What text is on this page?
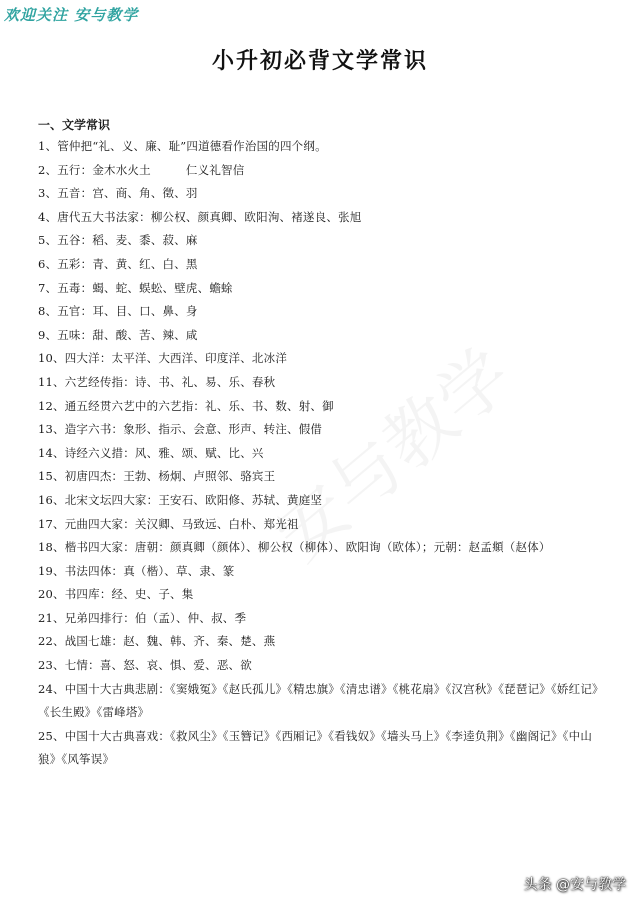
欢迎关注 安与教学
小升初必背文学常识
一、文学常识
1、管仲把“礼、义、廉、耻”四道德看作治国的四个纲。
2、五行：金木水火土　　　仁义礼智信
3、五音：宫、商、角、徵、羽
4、唐代五大书法家：柳公权、颜真卿、欧阳洵、褚遂良、张旭
5、五谷：稻、麦、黍、菽、麻
6、五彩：青、黄、红、白、黑
7、五毒：蝎、蛇、蜈蚣、壁虎、蟾蜍
8、五官：耳、目、口、鼻、身
9、五味：甜、酸、苦、辣、咸
10、四大洋：太平洋、大西洋、印度洋、北冰洋
11、六艺经传指：诗、书、礼、易、乐、春秋
12、通五经贯六艺中的六艺指：礼、乐、书、数、射、御
13、造字六书：象形、指示、会意、形声、转注、假借
14、诗经六义措：风、雅、颂、赋、比、兴
15、初唐四杰：王勃、杨炯、卢照邻、骆宾王
16、北宋文坛四大家：王安石、欧阳修、苏轼、黄庭坚
17、元曲四大家：关汉卿、马致远、白朴、郑光祖
18、楷书四大家：唐朝：颜真卿（颜体）、柳公权（柳体）、欧阳询（欧体）；元朝：赵孟頫（赵体）
19、书法四体：真（楷）、草、隶、篆
20、书四库：经、史、子、集
21、兄弟四排行：伯（孟）、仲、叔、季
22、战国七雄：赵、魏、韩、齐、秦、楚、燕
23、七情：喜、怒、哀、惧、爱、恶、欲
24、中国十大古典悲剧：《窦娥冤》《赵氏孤儿》《精忠旗》《清忠谱》《桃花扇》《汉宫秋》《琵琶记》《娇红记》《长生殿》《雷峰塔》
25、中国十大古典喜戏：《救风尘》《玉簪记》《西厢记》《看钱奴》《墙头马上》《李逵负荆》《幽阁记》《中山狼》《风筝误》
头条 @安与教学
